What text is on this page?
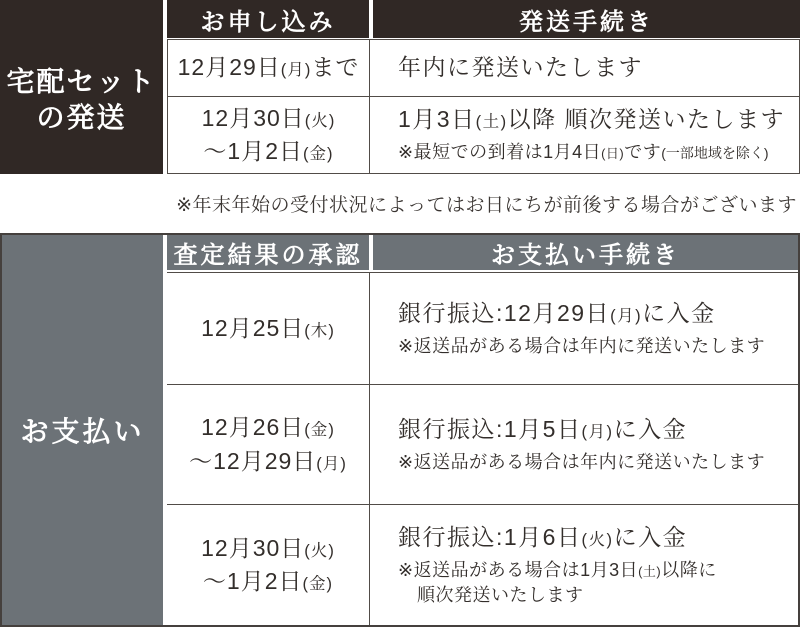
宅配セット
の発送
お申し込み	発送手続き
12月29日(月)まで 年内に発送いたします
12月30日(火)
〜1月2日(金)
1月3日(土)以降 順次発送いたします
※最短での到着は1月4日(日)です(一部地域を除く)
※年末年始の受付状況によってはお日にちが前後する場合がございます
お支払い
査定結果の承認	お支払い手続き
12月25日(木)
銀行振込:12月29日(月)に入金
※返送品がある場合は年内に発送いたします
12月26日(金)
〜12月29日(月)
銀行振込:1月5日(月)に入金
※返送品がある場合は年内に発送いたします
12月30日(火)
〜1月2日(金)
銀行振込:1月6日(火)に入金
※返送品がある場合は1月3日(土)以降に
順次発送いたします
